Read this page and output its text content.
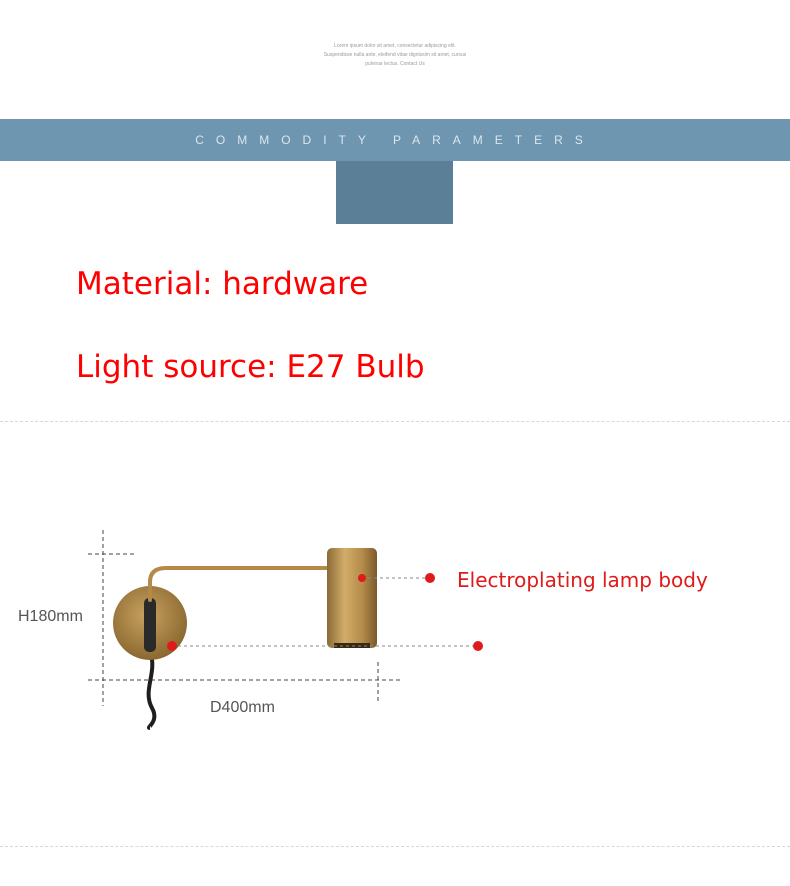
Lorem ipsum dolor sit amet, consectetur adipiscing elit.
Suspendisse nulla ante, eleifend vitae dignissim sit amet, cursus
pulvinar lectus. Contact Us
COMMODITY PARAMETERS
Material: hardware
Light source: E27 Bulb
H180mm
D400mm
Electroplating lamp body
